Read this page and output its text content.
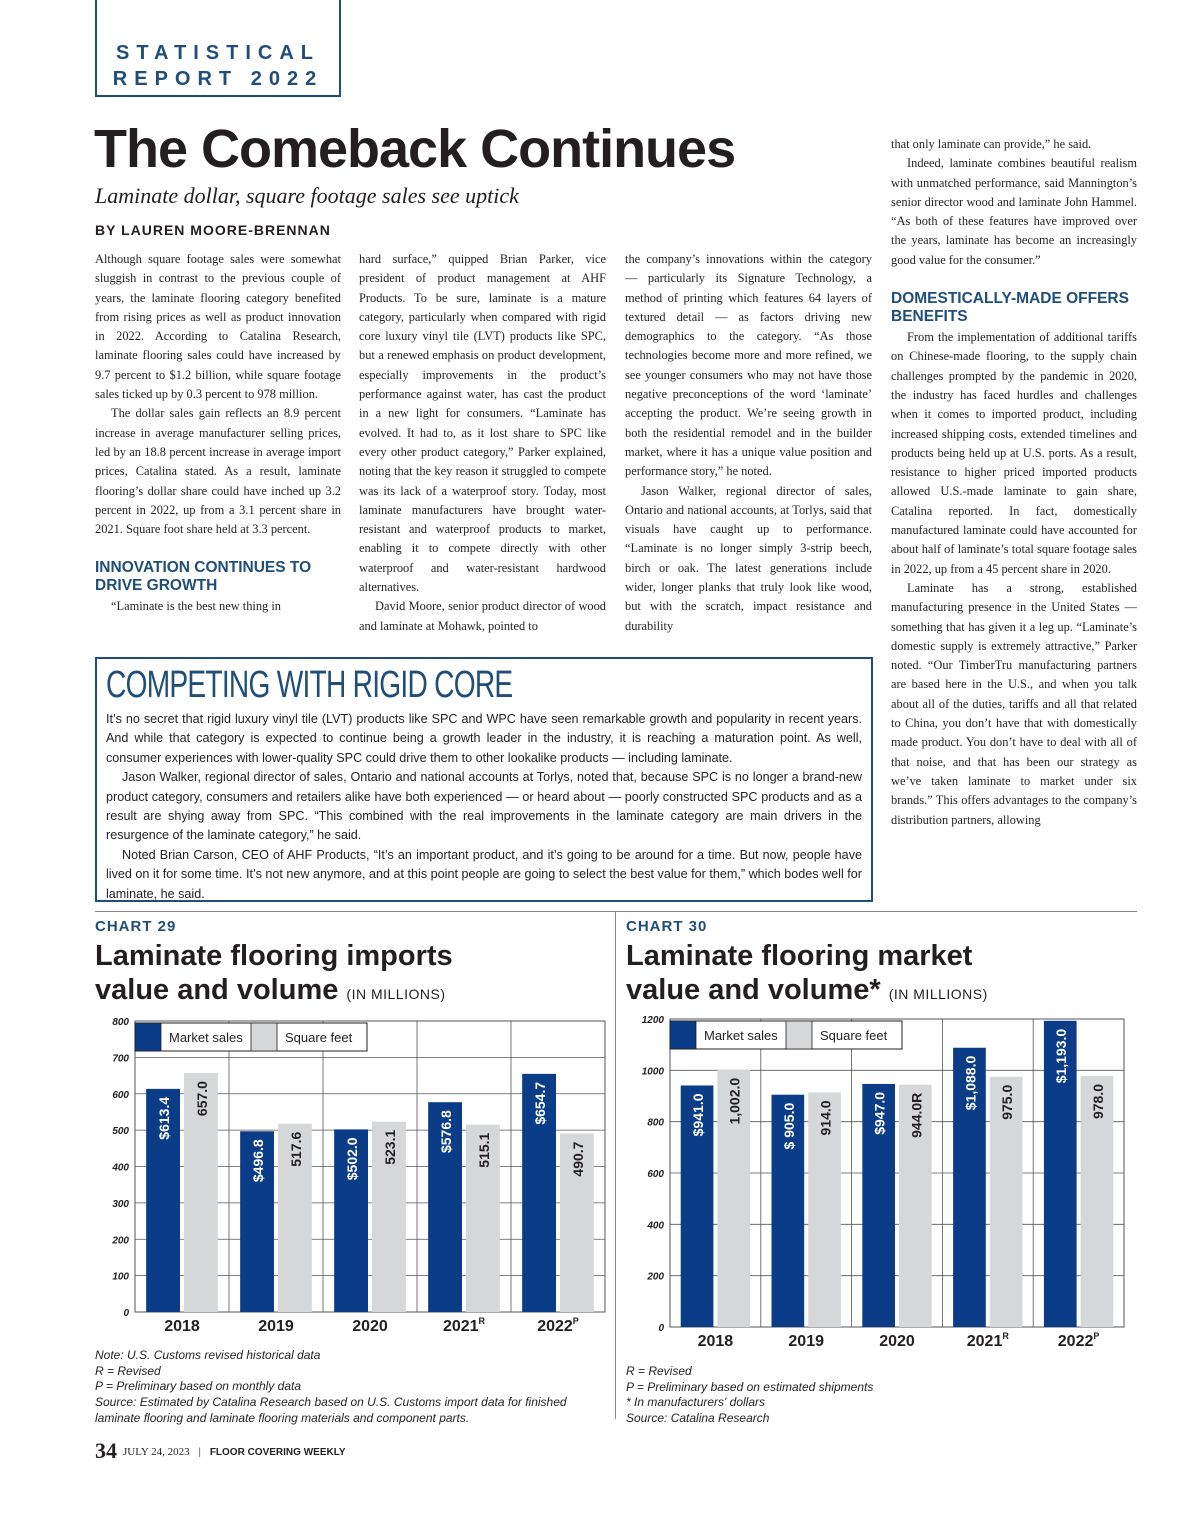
STATISTICAL
REPORT 2022
The Comeback Continues
Laminate dollar, square footage sales see uptick
BY LAUREN MOORE-BRENNAN

Although square footage sales were somewhat sluggish in contrast to the previous couple of years, the laminate flooring category benefited from rising prices as well as product innovation in 2022. According to Catalina Research, laminate flooring sales could have increased by 9.7 percent to $1.2 billion, while square footage sales ticked up by 0.3 percent to 978 million.

The dollar sales gain reflects an 8.9 percent increase in average manufacturer selling prices, led by an 18.8 percent increase in average import prices, Catalina stated. As a result, laminate flooring’s dollar share could have inched up 3.2 percent in 2022, up from a 3.1 percent share in 2021. Square foot share held at 3.3 percent.

INNOVATION CONTINUES TO DRIVE GROWTH

“Laminate is the best new thing in

hard surface,” quipped Brian Parker, vice president of product management at AHF Products. To be sure, laminate is a mature category, particularly when compared with rigid core luxury vinyl tile (LVT) products like SPC, but a renewed emphasis on product development, especially improvements in the product’s performance against water, has cast the product in a new light for consumers. “Laminate has evolved. It had to, as it lost share to SPC like every other product category,” Parker explained, noting that the key reason it struggled to compete was its lack of a waterproof story. Today, most laminate manufacturers have brought water-resistant and waterproof products to market, enabling it to compete directly with other waterproof and water-resistant hardwood alternatives.

David Moore, senior product director of wood and laminate at Mohawk, pointed to

the company’s innovations within the category — particularly its Signature Technology, a method of printing which features 64 layers of textured detail — as factors driving new demographics to the category. “As those technologies become more and more refined, we see younger consumers who may not have those negative preconceptions of the word ‘laminate’ accepting the product. We’re seeing growth in both the residential remodel and in the builder market, where it has a unique value position and performance story,” he noted.

Jason Walker, regional director of sales, Ontario and national accounts, at Torlys, said that visuals have caught up to performance. “Laminate is no longer simply 3-strip beech, birch or oak. The latest generations include wider, longer planks that truly look like wood, but with the scratch, impact resistance and durability

that only laminate can provide,” he said.

Indeed, laminate combines beautiful realism with unmatched performance, said Mannington’s senior director wood and laminate John Hammel. “As both of these features have improved over the years, laminate has become an increasingly good value for the consumer.”

DOMESTICALLY-MADE OFFERS BENEFITS

From the implementation of additional tariffs on Chinese-made flooring, to the supply chain challenges prompted by the pandemic in 2020, the industry has faced hurdles and challenges when it comes to imported product, including increased shipping costs, extended timelines and products being held up at U.S. ports. As a result, resistance to higher priced imported products allowed U.S.-made laminate to gain share, Catalina reported. In fact, domestically manufactured laminate could have accounted for about half of laminate’s total square footage sales in 2022, up from a 45 percent share in 2020.

Laminate has a strong, established manufacturing presence in the United States — something that has given it a leg up. “Laminate’s domestic supply is extremely attractive,” Parker noted. “Our TimberTru manufacturing partners are based here in the U.S., and when you talk about all of the duties, tariffs and all that related to China, you don’t have that with domestically made product. You don’t have to deal with all of that noise, and that has been our strategy as we’ve taken laminate to market under six brands.” This offers advantages to the company’s distribution partners, allowing

COMPETING WITH RIGID CORE

It’s no secret that rigid luxury vinyl tile (LVT) products like SPC and WPC have seen remarkable growth and popularity in recent years. And while that category is expected to continue being a growth leader in the industry, it is reaching a maturation point. As well, consumer experiences with lower-quality SPC could drive them to other lookalike products — including laminate.

Jason Walker, regional director of sales, Ontario and national accounts at Torlys, noted that, because SPC is no longer a brand-new product category, consumers and retailers alike have both experienced — or heard about — poorly constructed SPC products and as a result are shying away from SPC. “This combined with the real improvements in the laminate category are main drivers in the resurgence of the laminate category,” he said.

Noted Brian Carson, CEO of AHF Products, “It’s an important product, and it’s going to be around for a time. But now, people have lived on it for some time. It’s not new anymore, and at this point people are going to select the best value for them,” which bodes well for laminate, he said.

CHART 29
Laminate flooring imports
value and volume (IN MILLIONS)
0
100
200
300
400
500
600
700
800
$613.4 657.0
2018
$496.8 517.6
2019
$502.0 523.1
2020
$576.8 515.1
$2021^R$
$654.7
490.7
$2022^P$
Market sales	Square feet
Note: U.S. Customs revised historical data
R = Revised
P = Preliminary based on monthly data
Source: Estimated by Catalina Research based on U.S. Customs import data for finished laminate flooring and laminate flooring materials and component parts.
CHART 30
Laminate flooring market
value and volume* (IN MILLIONS)
0
200
400
600
800
1000
1200
$941.0 1,002.0
2018
$ 905.0 914.0
2019
$947.0 944.0R
2020
$1,088.0 975.0
$2021^R$
$1,193.0
978.0
$2022^P$
Market sales	Square feet
R = Revised
P = Preliminary based on estimated shipments
* In manufacturers' dollars
Source: Catalina Research
34 JULY 24, 2023 | FLOOR COVERING WEEKLY
